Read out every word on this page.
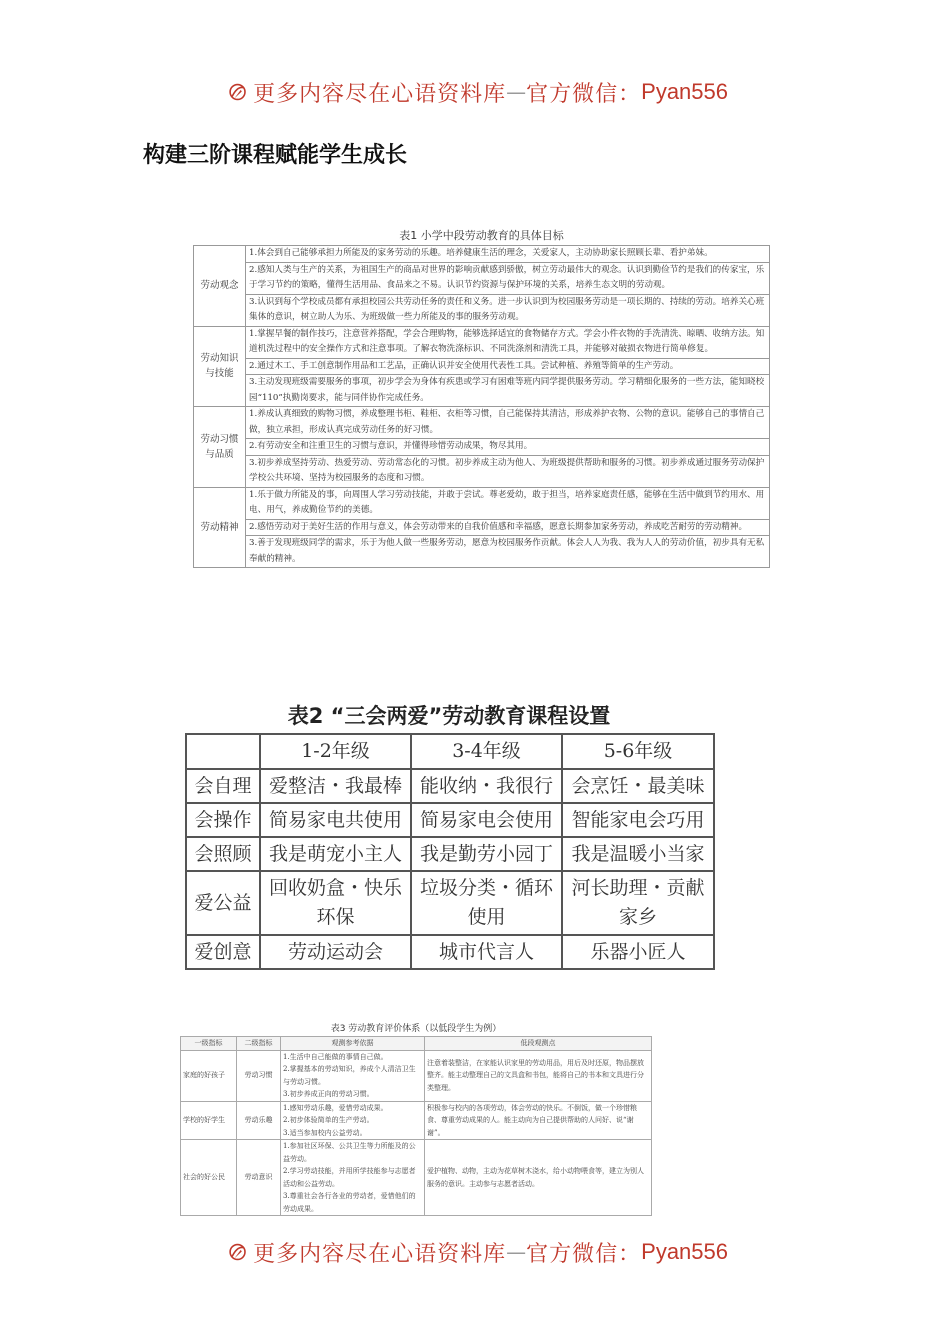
更多内容尽在心语资料库 — 官方微信： Pyan556
构建三阶课程赋能学生成长
表1 小学中段劳动教育的具体目标
劳动观念	1.体会到自己能够承担力所能及的家务劳动的乐趣。培养健康生活的理念，关爱家人，主动协助家长照顾长辈、看护弟妹。
	2.感知人类与生产的关系，为祖国生产的商品对世界的影响贡献感到骄傲，树立劳动最伟大的观念。认识到勤俭节约是我们的传家宝，乐于学习节约的策略，懂得生活用品、食品来之不易。认识节约资源与保护环境的关系，培养生态文明的劳动观。
	3.认识到每个学校成员都有承担校园公共劳动任务的责任和义务。进一步认识到为校园服务劳动是一项长期的、持续的劳动。培养关心班集体的意识，树立助人为乐、为班级做一些力所能及的事的服务劳动观。
劳动知识与技能	1.掌握早餐的制作技巧，注意营养搭配，学会合理购物，能够选择适宜的食物储存方式。学会小件衣物的手洗清洗、晾晒、收纳方法。知道机洗过程中的安全操作方式和注意事项。了解衣物洗涤标识、不同洗涤剂和清洗工具，并能够对破损衣物进行简单修复。
	2.通过木工、手工创意制作用品和工艺品，正确认识并安全使用代表性工具。尝试种植、养殖等简单的生产劳动。
	3.主动发现班级需要服务的事项，初步学会为身体有疾患或学习有困难等班内同学提供服务劳动。学习精细化服务的一些方法，能知晓校园“110”执勤岗要求，能与同伴协作完成任务。
劳动习惯与品质	1.养成认真细致的购物习惯，养成整理书柜、鞋柜、衣柜等习惯，自己能保持其清洁，形成养护衣物、公物的意识。能够自己的事情自己做，独立承担，形成认真完成劳动任务的好习惯。
	2.有劳动安全和注重卫生的习惯与意识，并懂得珍惜劳动成果，物尽其用。
	3.初步养成坚持劳动、热爱劳动、劳动常态化的习惯。初步养成主动为他人、为班级提供帮助和服务的习惯。初步养成通过服务劳动保护学校公共环境、坚持为校园服务的态度和习惯。
劳动精神	1.乐于做力所能及的事，向周围人学习劳动技能，并敢于尝试。尊老爱幼，敢于担当，培养家庭责任感，能够在生活中做到节约用水、用电、用气，养成勤俭节约的美德。
	2.感悟劳动对于美好生活的作用与意义，体会劳动带来的自我价值感和幸福感，愿意长期参加家务劳动，养成吃苦耐劳的劳动精神。
	3.善于发现班级同学的需求，乐于为他人做一些服务劳动，愿意为校园服务作贡献。体会人人为我、我为人人的劳动价值，初步具有无私奉献的精神。
表2 “三会两爱”劳动教育课程设置
	1-2年级	3-4年级	5-6年级
会自理	爱整洁・我最棒	能收纳・我很行	会烹饪・最美味
会操作	简易家电共使用	简易家电会使用	智能家电会巧用
会照顾	我是萌宠小主人	我是勤劳小园丁	我是温暖小当家
爱公益	回收奶盒・快乐环保	垃圾分类・循环使用	河长助理・贡献家乡
爱创意	劳动运动会	城市代言人	乐器小匠人
表3 劳动教育评价体系（以低段学生为例）
一级指标	二级指标	观测参考依据	低段观测点
家庭的好孩子	劳动习惯	1.生活中自己能做的事情自己做。
2.掌握基本的劳动知识，养成个人清洁卫生与劳动习惯。
3.初步养成正向的劳动习惯。	注意着装整洁，在家能认识家里的劳动用品，用后及时还原，物品摆放整齐。能主动整理自己的文具盒和书包，能将自己的书本和文具进行分类整理。
学校的好学生	劳动乐趣	1.感知劳动乐趣，爱惜劳动成果。
2.初步体验简单的生产劳动。
3.适当参加校内公益劳动。	积极参与校内的各项劳动，体会劳动的快乐。不倒饭，做一个珍惜粮食、尊重劳动成果的人。能主动向为自己提供帮助的人问好、说“谢谢”。
社会的好公民	劳动意识	1.参加社区环保、公共卫生等力所能及的公益劳动。
2.学习劳动技能，并用所学技能参与志愿者活动和公益劳动。
3.尊重社会各行各业的劳动者，爱惜他们的劳动成果。	爱护植物、动物，主动为花草树木浇水，给小动物喂食等，建立为别人服务的意识。主动参与志愿者活动。
更多内容尽在心语资料库 — 官方微信： Pyan556
